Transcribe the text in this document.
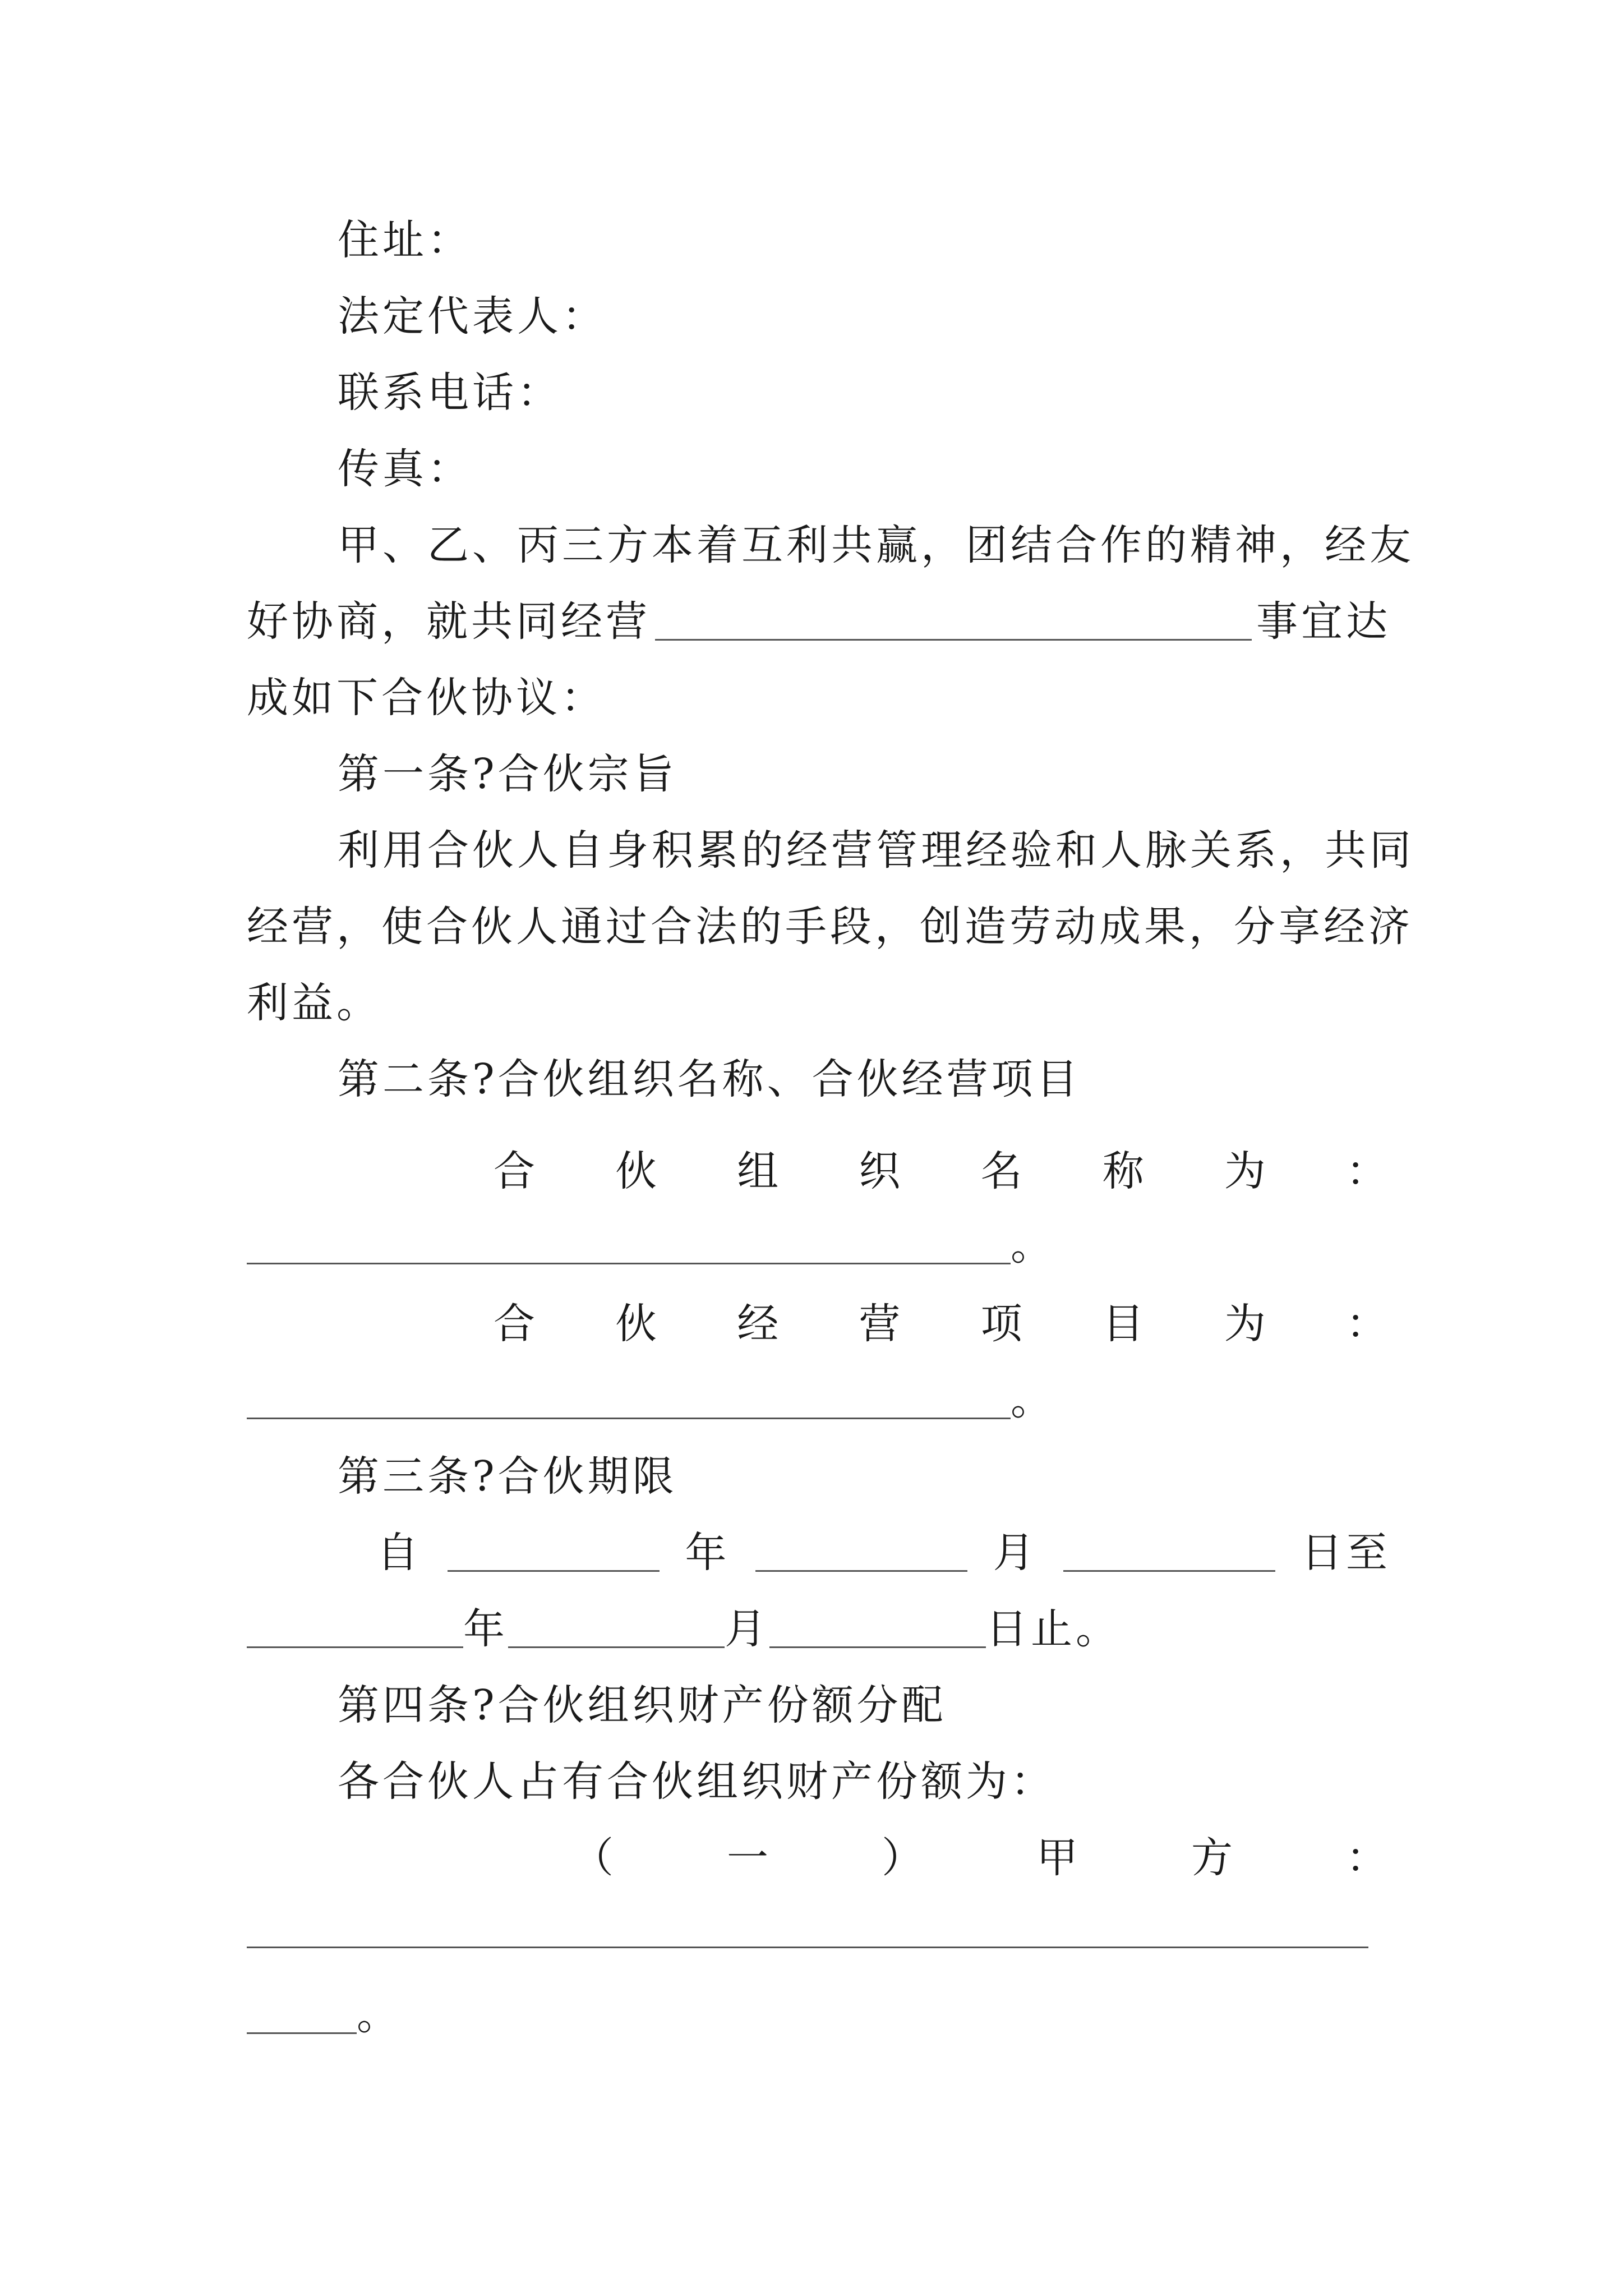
住址：
法定代表人：
联系电话：
传真：
甲、乙、丙三方本着互利共赢，团结合作的精神，经友
好协商，就共同经营	事宜达
成如下合伙协议：
第一条?合伙宗旨
利用合伙人自身积累的经营管理经验和人脉关系，共同
经营，使合伙人通过合法的手段，创造劳动成果，分享经济
利益。
第二条?合伙组织名称、合伙经营项目
合 伙 组 织 名 称 为 ：
。
合 伙 经 营 项 目 为 ：
。
第三条?合伙期限
自	年	月	日至
年	月	日止。
第四条?合伙组织财产份额分配
各合伙人占有合伙组织财产份额为：
（	一	）	甲	方	：
。
